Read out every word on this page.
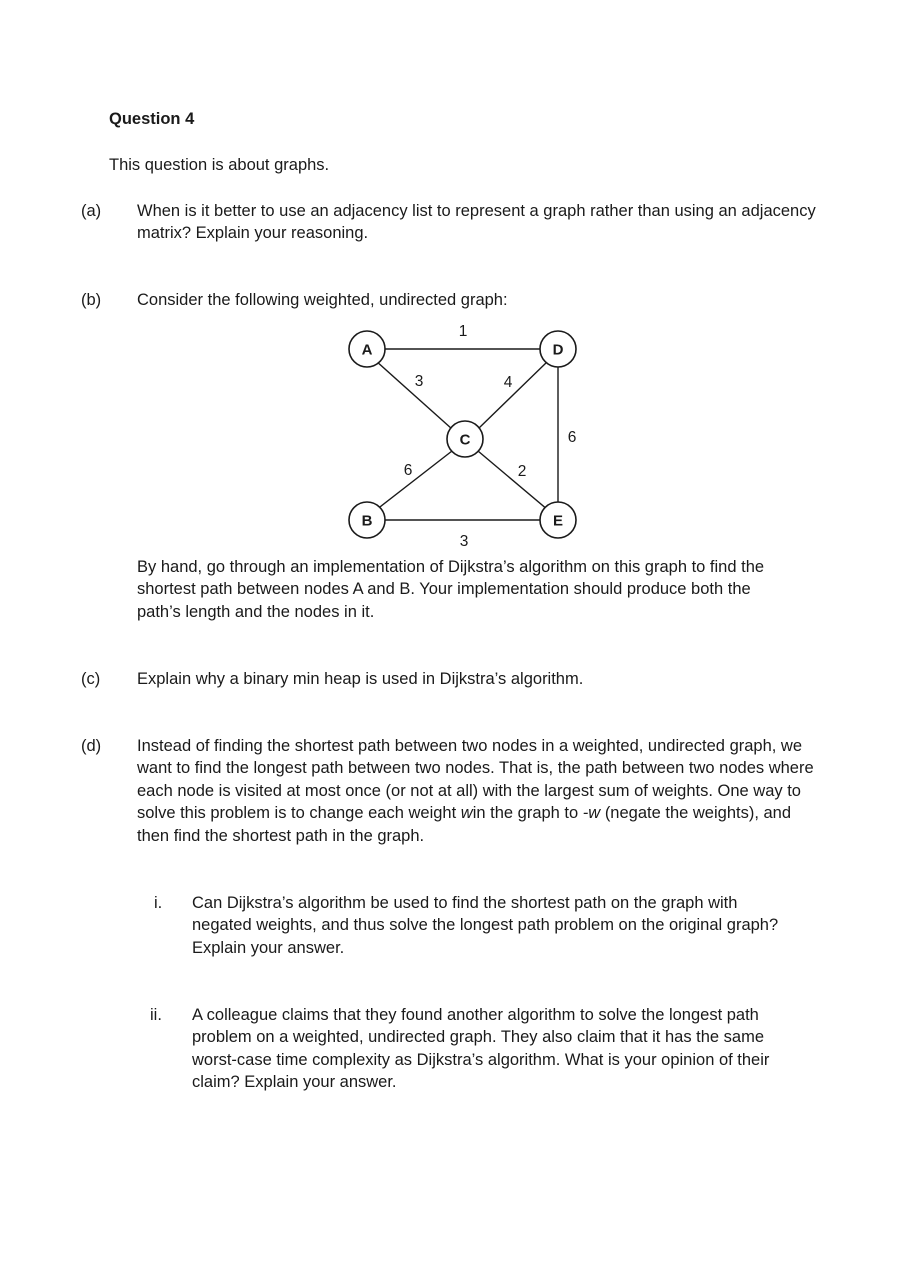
Question 4
This question is about graphs.
(a) When is it better to use an adjacency list to represent a graph rather than using an adjacency matrix? Explain your reasoning.
(b) Consider the following weighted, undirected graph:
A	D
C
B	E
1
3	4
6
6	2
3
By hand, go through an implementation of Dijkstra’s algorithm on this graph to find the shortest path between nodes A and B. Your implementation should produce both the path’s length and the nodes in it.
(c) Explain why a binary min heap is used in Dijkstra’s algorithm.
(d) Instead of finding the shortest path between two nodes in a weighted, undirected graph, we want to find the longest path between two nodes. That is, the path between two nodes where each node is visited at most once (or not at all) with the largest sum of weights. One way to solve this problem is to change each weight win the graph to -w (negate the weights), and then find the shortest path in the graph.
i. Can Dijkstra’s algorithm be used to find the shortest path on the graph with negated weights, and thus solve the longest path problem on the original graph? Explain your answer.
ii. A colleague claims that they found another algorithm to solve the longest path problem on a weighted, undirected graph. They also claim that it has the same worst-case time complexity as Dijkstra’s algorithm. What is your opinion of their claim? Explain your answer.
